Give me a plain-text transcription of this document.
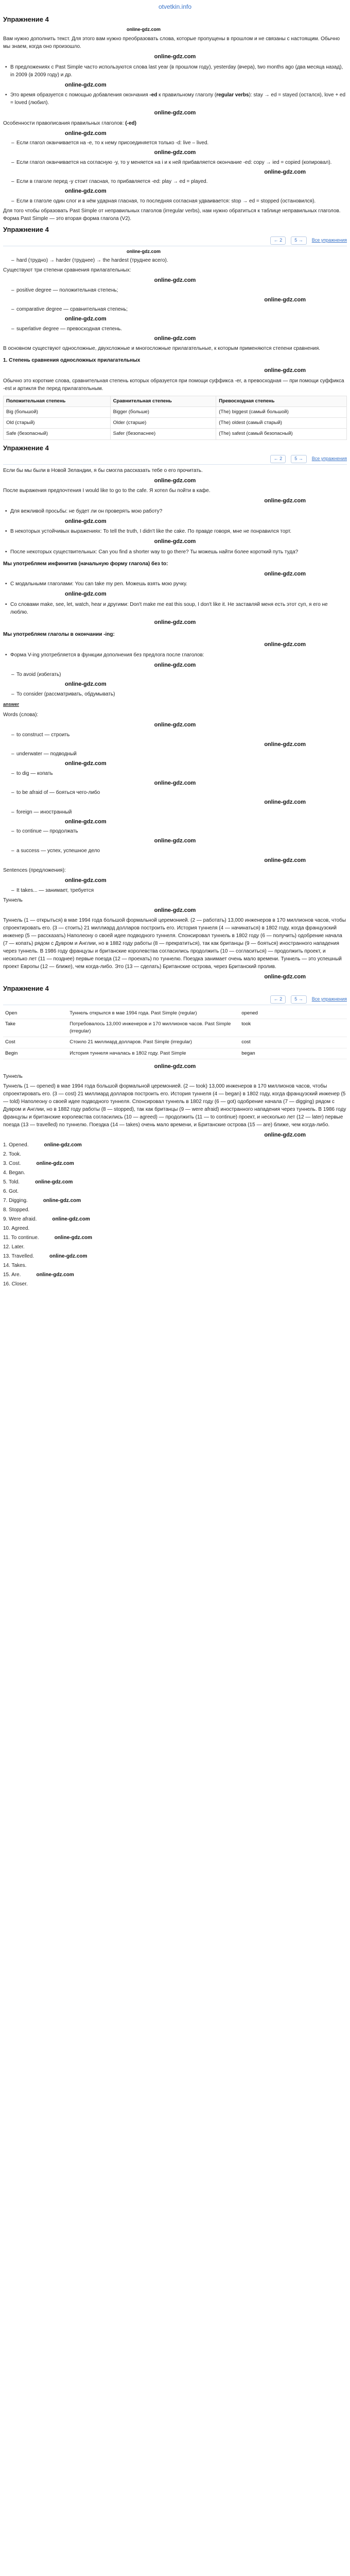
otvetkin.info
Упражнение 4
online-gdz.com

Вам нужно дополнить текст. Для этого вам нужно преобразовать слова, которые пропущены в прошлом и не связаны с настоящим. Обычно мы знаем, когда оно произошло.

online-gdz.com
• В предложениях с Past Simple часто используются слова last year (в прошлом году), yesterday (вчера), two months ago (два месяца назад), in 2009 (в 2009 году) и др.
online-gdz.com
• Это время образуется с помощью добавления окончания -ed к правильному глаголу (regular verbs): stay → ed = stayed (остался), love + ed = loved (любил).
online-gdz.com

Особенности правописания правильных глаголов: (-ed)

online-gdz.com
– Если глагол оканчивается на -е, то к нему присоединяется только -d: live – lived.
online-gdz.com
– Если глагол оканчивается на согласную -у, то у меняется на i и к ней прибавляется окончание -ed: copy → ied = copied (копировал).
online-gdz.com
– Если в глаголе перед -у стоит гласная, то прибавляется -ed: play → ed = played.
online-gdz.com
– Если в глаголе один слог и в нём ударная гласная, то последняя согласная удваивается: stop → ed = stopped (остановился).

Для того чтобы образовать Past Simple от неправильных глаголов (irregular verbs), нам нужно обратиться к таблице неправильных глаголов. Форма Past Simple — это вторая форма глагола (V2).

Упражнение 4
← 2	5 →	Все упражнения
online-gdz.com
– hard (трудно) → harder (труднее) → the hardest (труднее всего).

Существуют три степени сравнения прилагательных:

online-gdz.com
– positive degree — положительная степень;
online-gdz.com
– comparative degree — сравнительная степень;
online-gdz.com
– superlative degree — превосходная степень.
online-gdz.com

В основном существуют односложные, двухсложные и многосложные прилагательные, к которым применяются степени сравнения.

1. Степень сравнения односложных прилагательных
online-gdz.com

Обычно это короткие слова, сравнительная степень которых образуется при помощи суффикса -er, а превосходная — при помощи суффикса -est и артикля the перед прилагательным.

Положительная степень	Сравнительная степень	Превосходная степень
Big (большой)	Bigger (больше)	(The) biggest (самый большой)
Old (старый)	Older (старше)	(The) oldest (самый старый)
Safe (безопасный)	Safer (безопаснее)	(The) safest (самый безопасный)
Упражнение 4
← 2	5 →	Все упражнения

Если бы мы были в Новой Зеландии, я бы смогла рассказать тебе о его прочитать.

online-gdz.com

После выражения предпочтения I would like to go to the cafe. Я хотел бы пойти в кафе.

online-gdz.com
• Для вежливой просьбы: не будет ли он проверять мою работу?
online-gdz.com
• В некоторых устойчивых выражениях: To tell the truth, I didn't like the cake. По правде говоря, мне не понравился торт.
online-gdz.com
• После некоторых существительных: Can you find a shorter way to go there? Ты можешь найти более короткий путь туда?
Мы употребляем инфинитив (начальную форму глагола) без to:
online-gdz.com
• С модальными глаголами: You can take my pen. Можешь взять мою ручку.
online-gdz.com
• Со словами make, see, let, watch, hear и другими: Don't make me eat this soup, I don't like it. Не заставляй меня есть этот суп, я его не люблю.
online-gdz.com
Мы употребляем глаголы в окончании -ing:
online-gdz.com
• Форма V-ing употребляется в функции дополнения без предлога после глаголов:
online-gdz.com
– To avoid (избегать)
online-gdz.com
– To consider (рассматривать, обдумывать)
answer

Words (слова):

online-gdz.com
– to construct — строить
online-gdz.com
– underwater — подводный
online-gdz.com
– to dig — копать
online-gdz.com
– to be afraid of — бояться чего-либо
online-gdz.com
– foreign — иностранный
online-gdz.com
– to continue — продолжать
online-gdz.com
– a success — успех, успешное дело
online-gdz.com

Sentences (предложения):

online-gdz.com
– It takes... — занимает, требуется

Туннель

online-gdz.com

Туннель (1 — открыться) в мае 1994 года большой формальной церемонией. (2 — работать) 13,000 инженеров в 170 миллионов часов, чтобы спроектировать его. (3 — стоить) 21 миллиард долларов построить его. История туннеля (4 — начинаться) в 1802 году, когда французский инженер (5 — рассказать) Наполеону о своей идее подводного туннеля. Спонсировал туннель в 1802 году (6 — получить) одобрение начала (7 — копать) рядом с Дувром и Англии, но в 1882 году работы (8 — прекратиться), так как британцы (9 — бояться) иностранного нападения через туннель. В 1986 году французы и британские королевства согласились продолжить (10 — согласиться) — продолжить проект, и несколько лет (11 — позднее) первые поезда (12 — проехать) по туннелю. Поездка занимает очень мало времени. Туннель — это успешный проект Европы (12 — ближе), чем когда-либо. Это (13 — сделать) Британские острова, через Британский пролив.

online-gdz.com
Упражнение 4
← 2	5 →	Все упражнения
Open	Туннель открылся в мае 1994 года. Past Simple (regular)	opened
Take	Потребовалось 13,000 инженеров и 170 миллионов часов. Past Simple (irregular)	took
Cost	Стоило 21 миллиард долларов. Past Simple (irregular)	cost
Begin	История туннеля началась в 1802 году. Past Simple	began
online-gdz.com

Туннель

Туннель (1 — opened) в мае 1994 года большой формальной церемонией. (2 — took) 13,000 инженеров в 170 миллионов часов, чтобы спроектировать его. (3 — cost) 21 миллиард долларов построить его. История туннеля (4 — began) в 1802 году, когда французский инженер (5 — told) Наполеону о своей идее подводного туннеля. Спонсировал туннель в 1802 году (6 — got) одобрение начала (7 — digging) рядом с Дувром и Англии, но в 1882 году работы (8 — stopped), так как британцы (9 — were afraid) иностранного нападения через туннель. В 1986 году французы и британские королевства согласились (10 — agreed) — продолжить (11 — to continue) проект, и несколько лет (12 — later) первые поезда (13 — travelled) по туннелю. Поездка (14 — takes) очень мало времени, и Британские острова (15 — are) ближе, чем когда-либо.

online-gdz.com
1. Opened.	online-gdz.com
2. Took.
3. Cost.	online-gdz.com
4. Began.
5. Told.	online-gdz.com
6. Got.
7. Digging.	online-gdz.com
8. Stopped.
9. Were afraid.	online-gdz.com
10. Agreed.
11. To continue.	online-gdz.com
12. Later.
13. Travelled.	online-gdz.com
14. Takes.
15. Are.	online-gdz.com
16. Closer.
